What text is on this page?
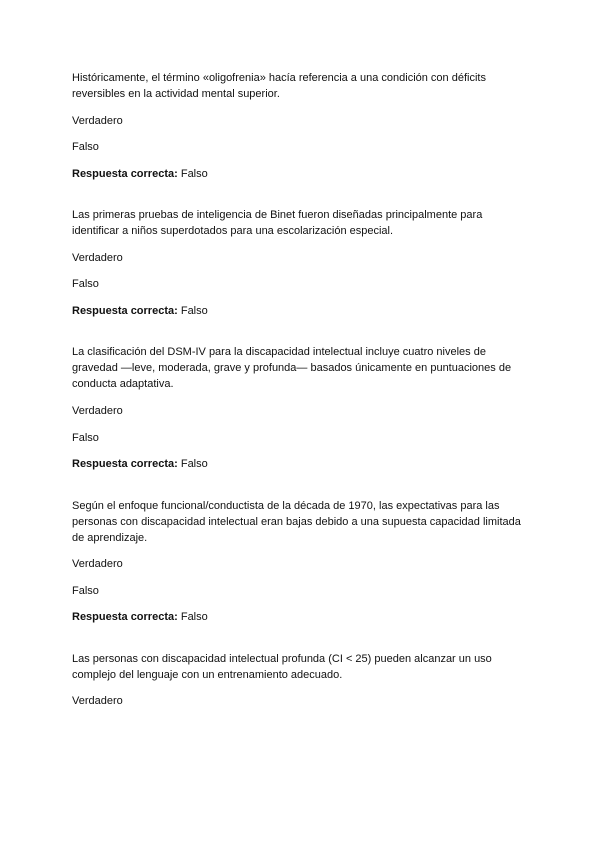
Históricamente, el término «oligofrenia» hacía referencia a una condición con déficits
reversibles en la actividad mental superior.

Verdadero

Falso

Respuesta correcta: Falso

Las primeras pruebas de inteligencia de Binet fueron diseñadas principalmente para
identificar a niños superdotados para una escolarización especial.

Verdadero

Falso

Respuesta correcta: Falso

La clasificación del DSM-IV para la discapacidad intelectual incluye cuatro niveles de
gravedad —leve, moderada, grave y profunda— basados únicamente en puntuaciones de
conducta adaptativa.

Verdadero

Falso

Respuesta correcta: Falso

Según el enfoque funcional/conductista de la década de 1970, las expectativas para las
personas con discapacidad intelectual eran bajas debido a una supuesta capacidad limitada
de aprendizaje.

Verdadero

Falso

Respuesta correcta: Falso

Las personas con discapacidad intelectual profunda (CI < 25) pueden alcanzar un uso
complejo del lenguaje con un entrenamiento adecuado.

Verdadero
